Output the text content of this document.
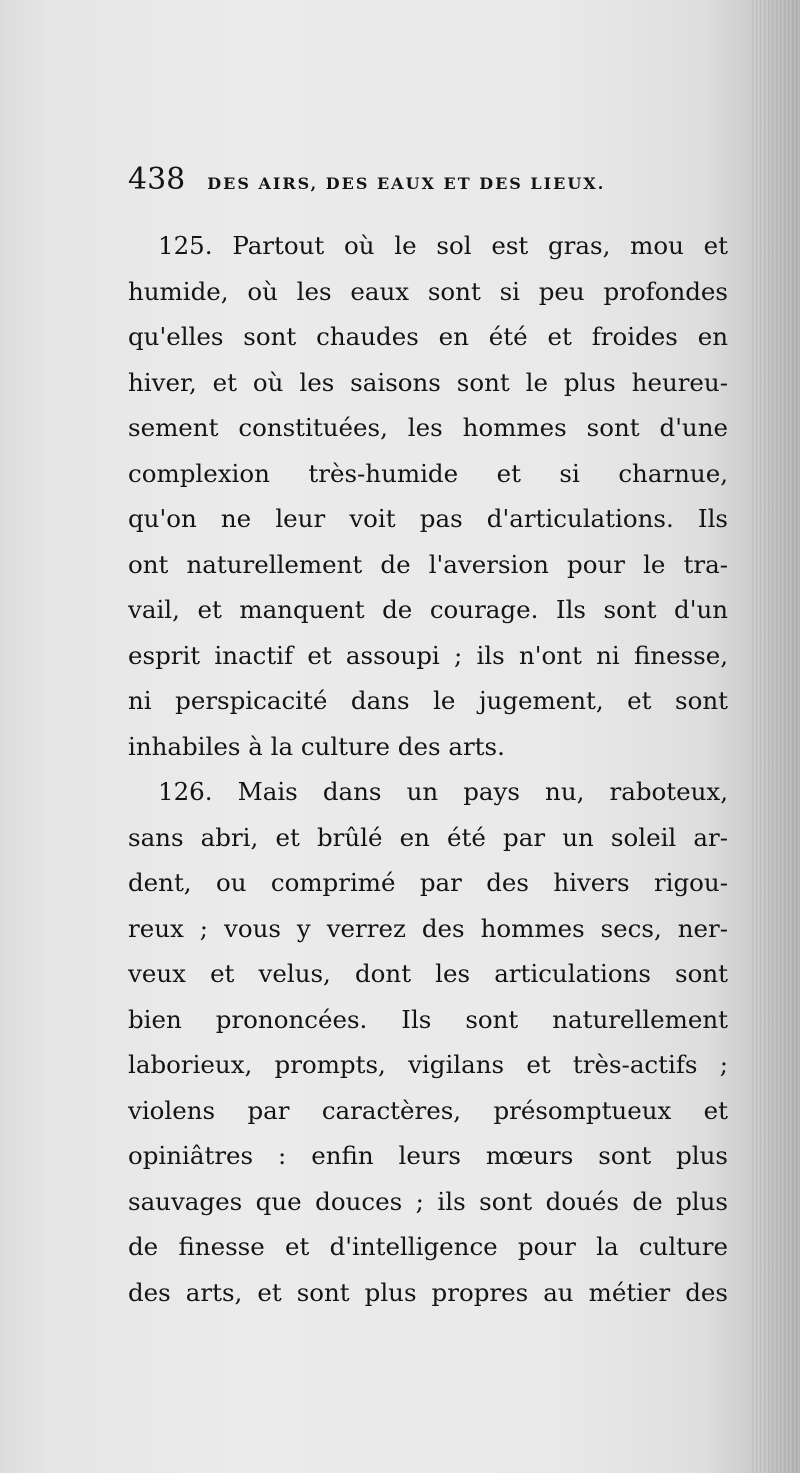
438 DES AIRS, DES EAUX ET DES LIEUX.
125. Partout où le sol est gras, mou et
humide, où les eaux sont si peu profondes
qu'elles sont chaudes en été et froides en
hiver, et où les saisons sont le plus heureu-
sement constituées, les hommes sont d'une
complexion très-humide et si charnue,
qu'on ne leur voit pas d'articulations. Ils
ont naturellement de l'aversion pour le tra-
vail, et manquent de courage. Ils sont d'un
esprit inactif et assoupi ; ils n'ont ni finesse,
ni perspicacité dans le jugement, et sont
inhabiles à la culture des arts.
126. Mais dans un pays nu, raboteux,
sans abri, et brûlé en été par un soleil ar-
dent, ou comprimé par des hivers rigou-
reux ; vous y verrez des hommes secs, ner-
veux et velus, dont les articulations sont
bien prononcées. Ils sont naturellement
laborieux, prompts, vigilans et très-actifs ;
violens par caractères, présomptueux et
opiniâtres : enfin leurs mœurs sont plus
sauvages que douces ; ils sont doués de plus
de finesse et d'intelligence pour la culture
des arts, et sont plus propres au métier des
